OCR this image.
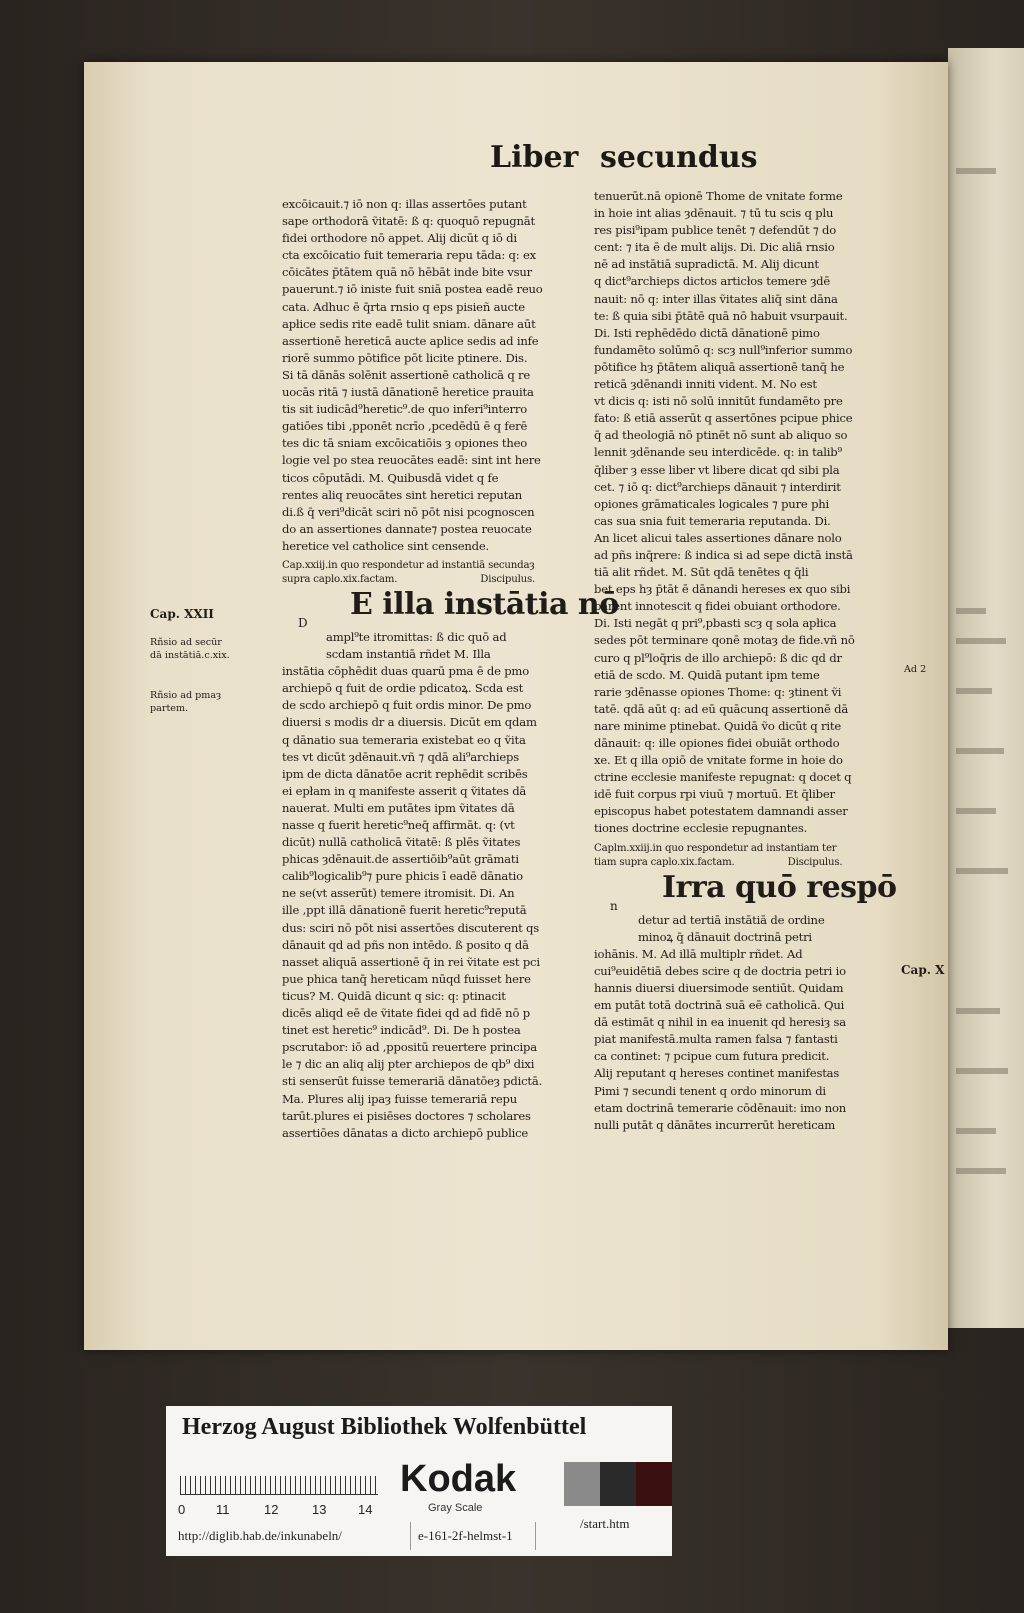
Liber secundus

excōicauit.⁊ iō non q: illas assertōes putant

sape orthodorā ṽitatē: ß q: quoquō repugnāt

fidei orthodore nō appet. Alij dicūt q iō di

cta excōicatio fuit temeraria repu tāda: q: ex

cōicātes p̄tātem quā nō hēbāt inde bite vsur

pauerunt.⁊ iō iniste fuit sniā postea eadē reuo

cata. Adhuc ē q̄rta rnsio q eps pisieñ aucte

apłice sedis rite eadē tulit sniam. dānare aūt

assertionē hereticā aucte aplice sedis ad infe

riorē summo pōtifice pōt licite ptinere. Dis.

Si tā dānās solēnit assertionē catholicā q re

uocās ritā ⁊ iustā dānationē heretice prauita

tis sit iudicād⁹heretic⁹.de quo inferi⁹interro

gatiōes tibi ,pponēt ncrīo ,pcedēdū ē q ferē

tes dic tā sniam excōicatiōis ȝ opiones theo

logie vel po stea reuocātes eadē: sint int here

ticos cōputādi. M. Quibusdā videt q fe

rentes aliq reuocātes sint heretici reputan

di.ß q̄ veri⁹dicāt sciri nō pōt nisi pcognoscen

do an assertiones dannate⁊ postea reuocate

heretice vel catholice sint censende.

Cap.xxiij.in quo respondetur ad instantiā secundaȝ

supra caplo.xix.factam.	Discipulus.

E illa instātia nō
D

ampl⁹te itromittas: ß dic quō ad

scdam instantiā rñdet M. Illa

instātia cōphēdit duas quarū pma ē de pmo

archiepō q fuit de ordie pdicatoꝝ. Scda est

de scdo archiepō q fuit ordis minor. De pmo

diuersi s modis dr a diuersis. Dicūt em qdam

q dānatio sua temeraria existebat eo q ṽita

tes vt dicūt ȝdēnauit.vñ ⁊ qdā ali⁹archieps

ipm de dicta dānatōe acrit rephēdit scribēs

ei epłam in q manifeste asserit q ṽitates dā

nauerat. Multi em putātes ipm ṽitates dā

nasse q fuerit heretic⁹neq̄ affirmāt. q: (vt

dicūt) nullā catholicā ṽitatē: ß plēs ṽitates

phicas ȝdēnauit.de assertiōib⁹aūt grāmati

calib⁹logicalib⁹⁊ pure phicis ī eadē dānatio

ne se(vt asserūt) temere itromisit. Di. An

ille ,ppt illā dānationē fuerit heretic⁹reputā

dus: sciri nō pōt nisi assertōes discuterent qs

dānauit qd ad pñs non intēdo. ß posito q dā

nasset aliquā assertionē q̄ in rei ṽitate est pci

pue phica tanq̄ hereticam nūqd fuisset here

ticus? M. Quidā dicunt q sic: q: ptinacit

dicēs aliqd eē de ṽitate fidei qd ad fidē nō p

tinet est heretic⁹ indicād⁹. Di. De h postea

pscrutabor: iō ad ,ppositū reuertere principa

le ⁊ dic an aliq alij pter archiepos de qb⁹ dixi

sti senserūt fuisse temerariā dānatōeȝ pdictā.

Ma. Plures alij ipaȝ fuisse temerariā repu

tarūt.plures ei pisiēses doctores ⁊ scholares

assertiōes dānatas a dicto archiepō publice

tenuerūt.nā opionē Thome de vnitate forme

in hoie int alias ȝdēnauit. ⁊ tū tu scis q plu

res pisi⁹ipam publice tenēt ⁊ defendūt ⁊ do

cent: ⁊ ita ē de mult alijs. Di. Dic aliā rnsio

nē ad instātiā supradictā. M. Alij dicunt

q dict⁹archieps dictos articłos temere ȝdē

nauit: nō q: inter illas ṽitates aliq̄ sint dāna

te: ß quia sibi p̄tātē quā nō habuit vsurpauit.

Di. Isti rephēdēdo dictā dānationē pimo

fundamēto solūmō q: scȝ null⁹inferior summo

pōtifice hȝ p̄tātem aliquā assertionē tanq̄ he

reticā ȝdēnandi inniti vident. M. No est

vt dicis q: isti nō solū innitūt fundamēto pre

fato: ß etiā asserūt q assertōnes pcipue phice

q̄ ad theologiā nō ptinēt nō sunt ab aliquo so

lennit ȝdēnande seu interdicēde. q: in talib⁹

q̄liber ȝ esse liber vt libere dicat qd sibi pla

cet. ⁊ iō q: dict⁹archieps dānauit ⁊ interdirit

opiones grāmaticales logicales ⁊ pure phi

cas sua snia fuit temeraria reputanda. Di.

An licet alicui tales assertiones dānare nolo

ad pñs inq̄rere: ß indica si ad sepe dictā instā

tiā alit rñdet. M. Sūt qdā tenētes q q̄li

bet eps hȝ p̄tāt ē dānandi hereses ex quo sibi

parent innotescit q fidei obuiant orthodore.

Di. Isti negāt q pri⁹,pbasti scȝ q sola apłica

sedes pōt terminare qonē motaȝ de fide.vñ nō

curo q pl⁹loq̄ris de illo archiepō: ß dic qd dr

etiā de scdo. M. Quidā putant ipm teme

rarie ȝdēnasse opiones Thome: q: ȝtinent ṽi

tatē. qdā aūt q: ad eū quācunq assertionē dā

nare minime ptinebat. Quidā ṽo dicūt q rite

dānauit: q: ille opiones fidei obuiāt orthodo

xe. Et q illa opiō de vnitate forme in hoie do

ctrine ecclesie manifeste repugnat: q docet q

idē fuit corpus rpi viuū ⁊ mortuū. Et q̄liber

episcopus habet potestatem damnandi asser

tiones doctrine ecclesie repugnantes.

Caplm.xxiij.in quo respondetur ad instantiam ter

tiam supra caplo.xix.factam.	Discipulus.

Irra quō respō
n

detur ad tertiā instātiā de ordine

minoꝝ q̄ dānauit doctrinā petri

iohānis. M. Ad illā multiplr rñdet. Ad

cui⁹euidētiā debes scire q de doctria petri io

hannis diuersi diuersimode sentiūt. Quidam

em putāt totā doctrinā suā eē catholicā. Qui

dā estimāt q nihil in ea inuenit qd heresiȝ sa

piat manifestā.multa ramen falsa ⁊ fantasti

ca continet: ⁊ pcipue cum futura predicit.

Alij reputant q hereses continet manifestas

Pimi ⁊ secundi tenent q ordo minorum di

etam doctrinā temerarie cōdēnauit: imo non

nulli putāt q dānātes incurrerūt hereticam

Cap. XXII
Rñsio ad secūr
dā instātiā.c.xix.
Rñsio ad pmaȝ
partem.
Ad 2
Cap. X
Herzog August Bibliothek Wolfenbüttel
0 11	12	13 14
Kodak
Gray Scale
http://diglib.hab.de/inkunabeln/	e-161-2f-helmst-1
/start.htm
